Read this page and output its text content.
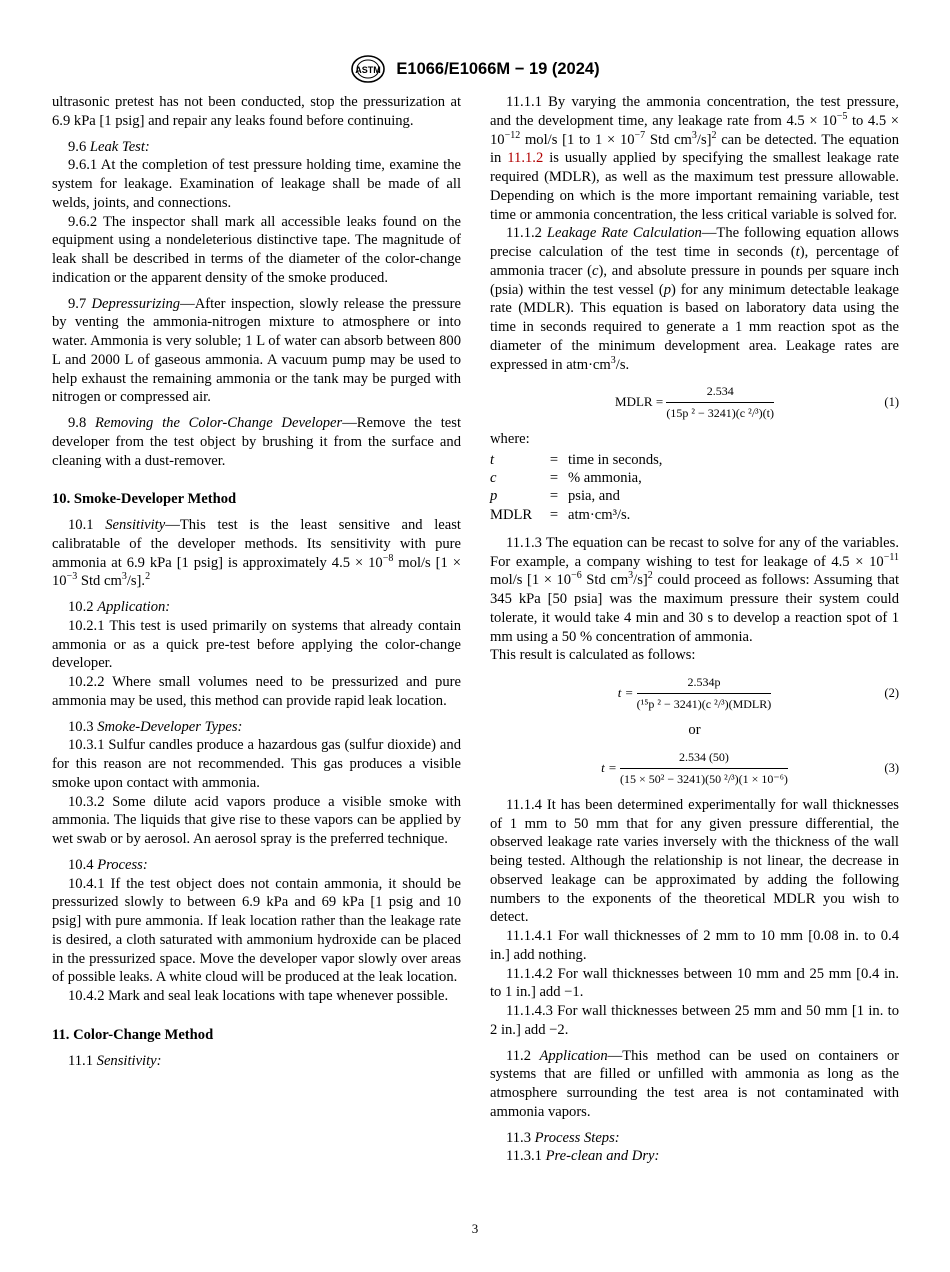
ASTM E1066/E1066M − 19 (2024)

ultrasonic pretest has not been conducted, stop the pressurization at 6.9 kPa [1 psig] and repair any leaks found before continuing.

9.6 Leak Test:

9.6.1 At the completion of test pressure holding time, examine the system for leakage. Examination of leakage shall be made of all welds, joints, and connections.

9.6.2 The inspector shall mark all accessible leaks found on the equipment using a nondeleterious distinctive tape. The magnitude of leak shall be described in terms of the diameter of the color-change indication or the apparent density of the smoke produced.

9.7 Depressurizing—After inspection, slowly release the pressure by venting the ammonia-nitrogen mixture to atmosphere or into water. Ammonia is very soluble; 1 L of water can absorb between 800 L and 2000 L of gaseous ammonia. A vacuum pump may be used to help exhaust the remaining ammonia or the tank may be purged with nitrogen or compressed air.

9.8 Removing the Color-Change Developer—Remove the test developer from the test object by brushing it from the surface and cleaning with a dust-remover.

10. Smoke-Developer Method

10.1 Sensitivity—This test is the least sensitive and least calibratable of the developer methods. Its sensitivity with pure ammonia at 6.9 kPa [1 psig] is approximately $4.5 \times 10^{-8}$ mol/s [$1 \times 10^{-3}$ Std $cm^3/s].^2$

10.2 Application:

10.2.1 This test is used primarily on systems that already contain ammonia or as a quick pre-test before applying the color-change developer.

10.2.2 Where small volumes need to be pressurized and pure ammonia may be used, this method can provide rapid leak location.

10.3 Smoke-Developer Types:

10.3.1 Sulfur candles produce a hazardous gas (sulfur dioxide) and for this reason are not recommended. This gas produces a visible smoke upon contact with ammonia.

10.3.2 Some dilute acid vapors produce a visible smoke with ammonia. The liquids that give rise to these vapors can be applied by wet swab or by aerosol. An aerosol spray is the preferred technique.

10.4 Process:

10.4.1 If the test object does not contain ammonia, it should be pressurized slowly to between 6.9 kPa and 69 kPa [1 psig and 10 psig] with pure ammonia. If leak location rather than the leakage rate is desired, a cloth saturated with ammonium hydroxide can be placed in the pressurized space. Move the developer vapor slowly over areas of possible leaks. A white cloud will be produced at the leak location.

10.4.2 Mark and seal leak locations with tape whenever possible.

11. Color-Change Method

11.1 Sensitivity:

11.1.1 By varying the ammonia concentration, the test pressure, and the development time, any leakage rate from $4.5 \times 10^{-5}$ to $4.5 \times 10^{-12}$ mol/s [1 to $1 \times 10^{-7}$ Std $cm^3/s]^2$ can be detected. The equation in 11.1.2 is usually applied by specifying the smallest leakage rate required (MDLR), as well as the maximum test pressure allowable. Depending on which is the more important remaining variable, test time or ammonia concentration, the less critical variable is solved for.

11.1.2 Leakage Rate Calculation—The following equation allows precise calculation of the test time in seconds (t), percentage of ammonia tracer (c), and absolute pressure in pounds per square inch (psia) within the test vessel (p) for any minimum detectable leakage rate (MDLR). This equation is based on laboratory data using the time in seconds required to generate a 1 mm reaction spot as the diameter of the minimum development area. Leakage rates are expressed in $atm\cdot cm^3/s$.

MDLR = $\frac{2.534}{\text{(15p ² − 3241)(c ²/³)(t)}}$	(1)

where:

t	=	time in seconds,
c	=	% ammonia,
p	=	psia, and
MDLR	=	atm·cm³/s.

11.1.3 The equation can be recast to solve for any of the variables. For example, a company wishing to test for leakage of $4.5 \times 10^{-11}$ mol/s [$1 \times 10^{-6}$ Std $cm^3/s]^2$ could proceed as follows: Assuming that 345 kPa [50 psia] was the maximum pressure their system could tolerate, it would take 4 min and 30 s to develop a reaction spot of 1 mm using a 50 % concentration of ammonia.

This result is calculated as follows:

$t = \frac{2.534p}{\text{(¹⁵p ² − 3241)(c ²/³)(MDLR)}}$	(2)

or

$t = \frac{2.534 (50)}{\text{(15 × 50² − 3241)(50 ²/³)(1 × 10⁻⁶)}}$	(3)

11.1.4 It has been determined experimentally for wall thicknesses of 1 mm to 50 mm that for any given pressure differential, the observed leakage rate varies inversely with the thickness of the wall being tested. Although the relationship is not linear, the decrease in observed leakage can be approximated by adding the following numbers to the exponents of the theoretical MDLR you wish to detect.

11.1.4.1 For wall thicknesses of 2 mm to 10 mm [0.08 in. to 0.4 in.] add nothing.

11.1.4.2 For wall thicknesses between 10 mm and 25 mm [0.4 in. to 1 in.] add −1.

11.1.4.3 For wall thicknesses between 25 mm and 50 mm [1 in. to 2 in.] add −2.

11.2 Application—This method can be used on containers or systems that are filled or unfilled with ammonia as long as the atmosphere surrounding the test area is not contaminated with ammonia vapors.

11.3 Process Steps:

11.3.1 Pre-clean and Dry:

3
